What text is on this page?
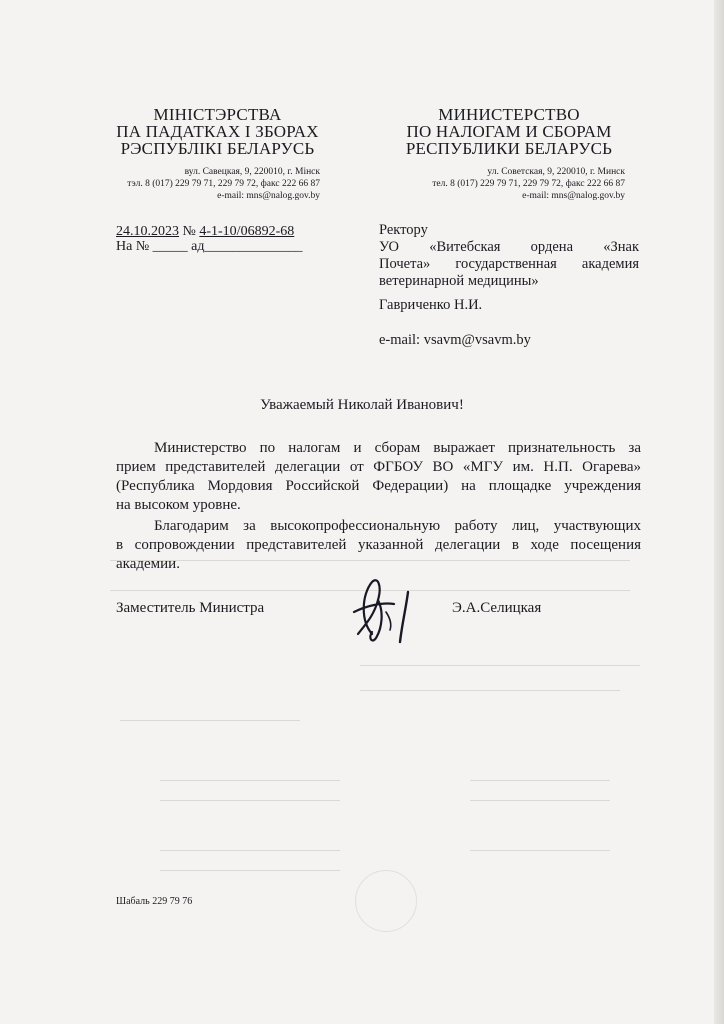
МІНІСТЭРСТВА
ПА ПАДАТКАХ І ЗБОРАХ
РЭСПУБЛІКІ БЕЛАРУСЬ
вул. Савецкая, 9, 220010, г. Мінск
тэл. 8 (017) 229 79 71, 229 79 72, факс 222 66 87
e-mail: mns@nalog.gov.by
МИНИСТЕРСТВО
ПО НАЛОГАМ И СБОРАМ
РЕСПУБЛИКИ БЕЛАРУСЬ
ул. Советская, 9, 220010, г. Минск
тел. 8 (017) 229 79 71, 229 79 72, факс 222 66 87
e-mail: mns@nalog.gov.by
24.10.2023 № 4-1-10/06892-68
На № _____ ад______________

Ректору

УО «Витебская ордена «Знак

Почета» государственная академия

ветеринарной медицины»

Гавриченко Н.И.
e-mail: vsavm@vsavm.by
Уважаемый Николай Иванович!
Министерство по налогам и сборам выражает признательность за
прием представителей делегации от ФГБОУ ВО «МГУ им. Н.П. Огарева»
(Республика Мордовия Российской Федерации) на площадке учреждения
на высоком уровне.
Благодарим за высокопрофессиональную работу лиц, участвующих
в сопровождении представителей указанной делегации в ходе посещения
академии.
Заместитель Министра	Э.А.Селицкая
Шабаль 229 79 76
